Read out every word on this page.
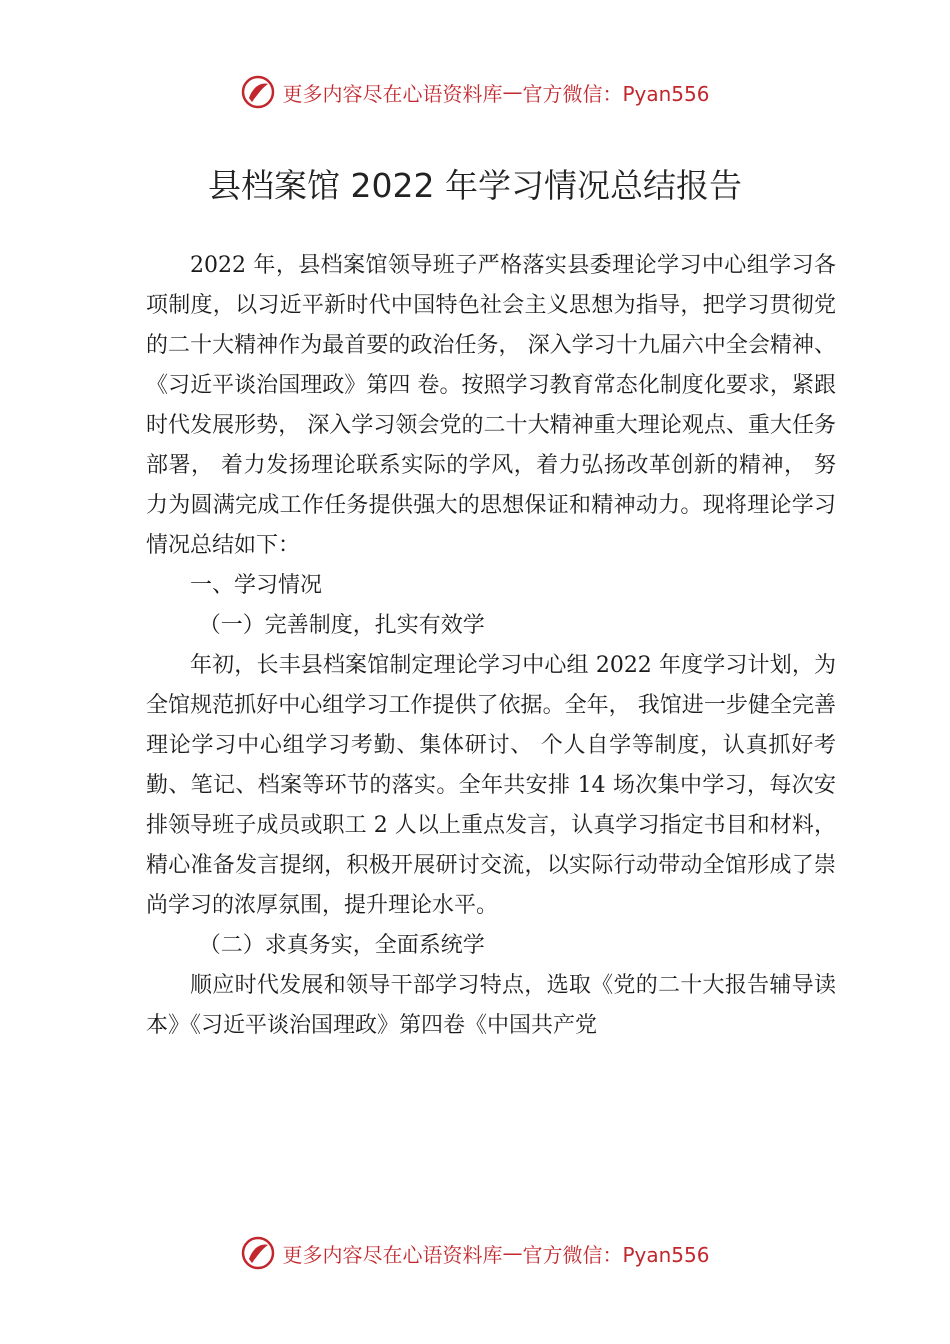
更多内容尽在心语资料库 — 官方微信：Pyan556
县档案馆 2022 年学习情况总结报告

2022 年，县档案馆领导班子严格落实县委理论学习中心组学习各项制度，以习近平新时代中国特色社会主义思想为指导，把学习贯彻党的二十大精神作为最首要的政治任务， 深入学习十九届六中全会精神、《习近平谈治国理政》第四 卷。按照学习教育常态化制度化要求，紧跟时代发展形势， 深入学习领会党的二十大精神重大理论观点、重大任务部署， 着力发扬理论联系实际的学风，着力弘扬改革创新的精神， 努力为圆满完成工作任务提供强大的思想保证和精神动力。现将理论学习情况总结如下：

一、学习情况

（一）完善制度，扎实有效学

年初，长丰县档案馆制定理论学习中心组 2022 年度学习计划，为全馆规范抓好中心组学习工作提供了依据。全年， 我馆进一步健全完善理论学习中心组学习考勤、集体研讨、 个人自学等制度，认真抓好考勤、笔记、档案等环节的落实。全年共安排 14 场次集中学习，每次安排领导班子成员或职工 2 人以上重点发言，认真学习指定书目和材料，精心准备发言提纲，积极开展研讨交流，以实际行动带动全馆形成了崇尚学习的浓厚氛围，提升理论水平。

（二）求真务实，全面系统学

顺应时代发展和领导干部学习特点，选取《党的二十大报告辅导读本》《习近平谈治国理政》第四卷《中国共产党

更多内容尽在心语资料库 — 官方微信：Pyan556
